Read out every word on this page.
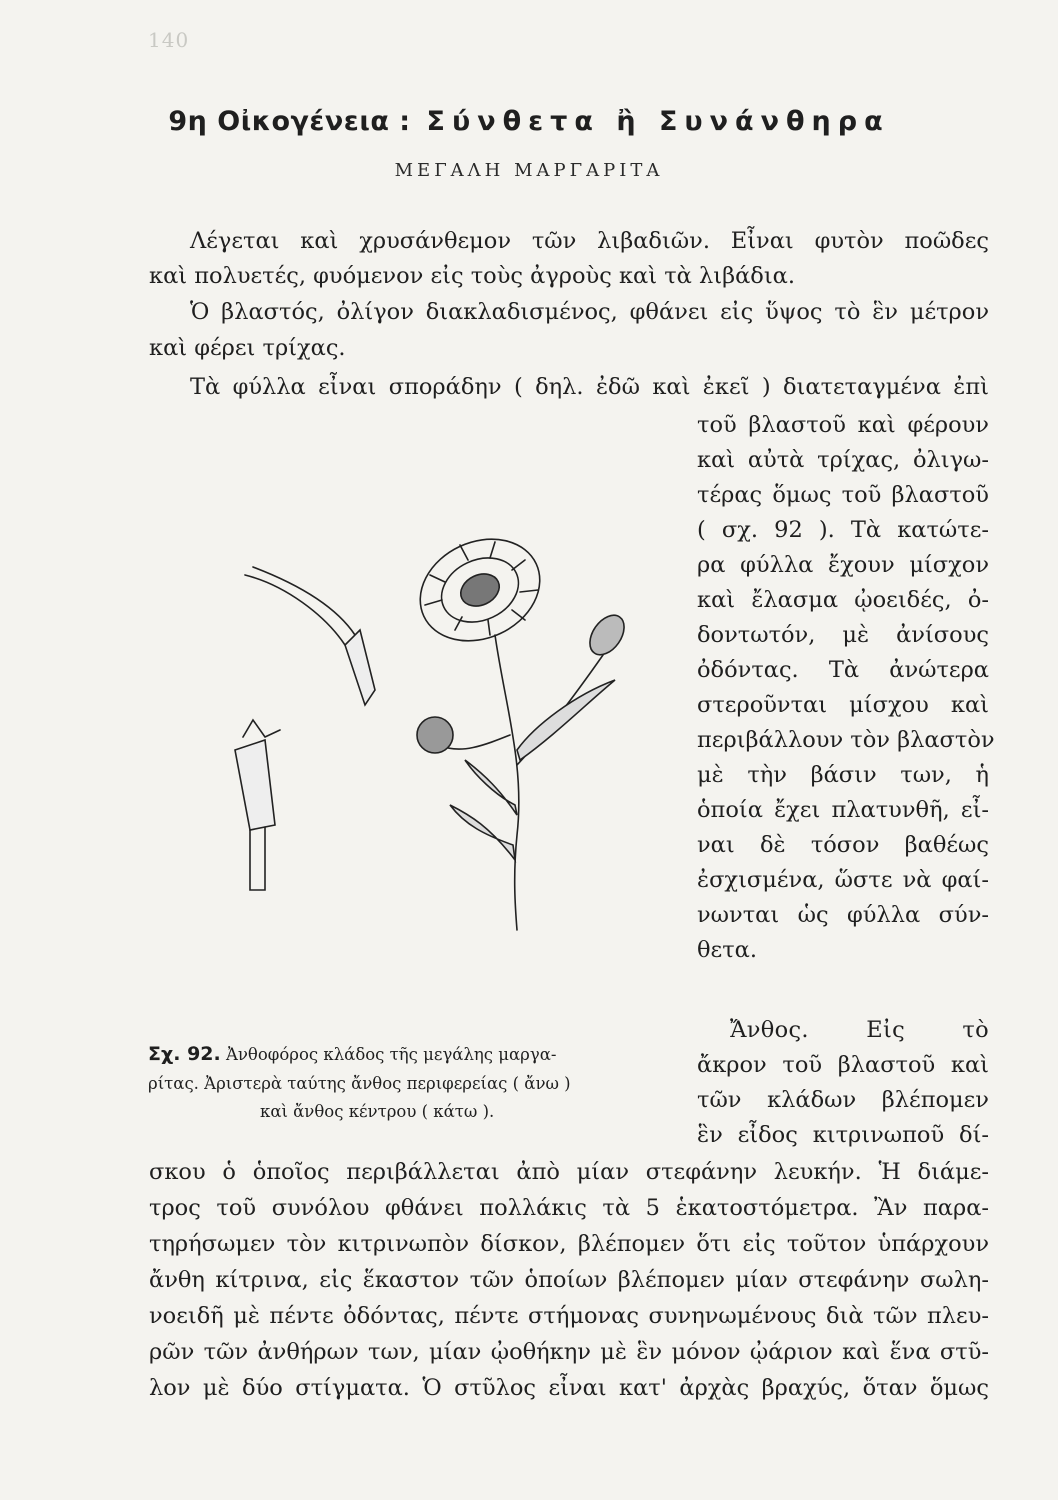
140
9η Οἰκογένεια : Σύνθετα ἢ Συνάνθηρα
ΜΕΓΑΛΗ ΜΑΡΓΑΡΙΤΑ
Λέγεται καὶ χρυσάνθεμον τῶν λιβαδιῶν. Εἶναι φυτὸν ποῶδες
καὶ πολυετές, φυόμενον εἰς τοὺς ἀγροὺς καὶ τὰ λιβάδια.
Ὁ βλαστός, ὀλίγον διακλαδισμένος, φθάνει εἰς ὕψος τὸ ἓν μέτρον
καὶ φέρει τρίχας.
Τὰ φύλλα εἶναι σποράδην ( δηλ. ἐδῶ καὶ ἐκεῖ ) διατεταγμένα ἐπὶ
τοῦ βλαστοῦ καὶ φέρουν
καὶ αὐτὰ τρίχας, ὀλιγω-
τέρας ὅμως τοῦ βλαστοῦ
( σχ. 92 ). Τὰ κατώτε-
ρα φύλλα ἔχουν μίσχον
καὶ ἔλασμα ᾠοειδές, ὀ-
δοντωτόν, μὲ ἀνίσους
ὀδόντας. Τὰ ἀνώτερα
στεροῦνται μίσχου καὶ
περιβάλλουν τὸν βλαστὸν
μὲ τὴν βάσιν των, ἡ
ὁποία ἔχει πλατυνθῆ, εἶ-
ναι δὲ τόσον βαθέως
ἐσχισμένα, ὥστε νὰ φαί-
νωνται ὡς φύλλα σύν-
θετα.
Ἄνθος. Εἰς τὸ
ἄκρον τοῦ βλαστοῦ καὶ
τῶν κλάδων βλέπομεν
ἓν εἶδος κιτρινωποῦ δί-
Σχ. 92. Ἀνθοφόρος κλάδος τῆς μεγάλης μαργα-
ρίτας. Ἀριστερὰ ταύτης ἄνθος περιφερείας ( ἄνω )
καὶ ἄνθος κέντρου ( κάτω ).
σκου ὁ ὁποῖος περιβάλλεται ἀπὸ μίαν στεφάνην λευκήν. Ἡ διάμε-
τρος τοῦ συνόλου φθάνει πολλάκις τὰ 5 ἑκατοστόμετρα. Ἂν παρα-
τηρήσωμεν τὸν κιτρινωπὸν δίσκον, βλέπομεν ὅτι εἰς τοῦτον ὑπάρχουν
ἄνθη κίτρινα, εἰς ἕκαστον τῶν ὁποίων βλέπομεν μίαν στεφάνην σωλη-
νοειδῆ μὲ πέντε ὀδόντας, πέντε στήμονας συνηνωμένους διὰ τῶν πλευ-
ρῶν τῶν ἀνθήρων των, μίαν ᾠοθήκην μὲ ἓν μόνον ᾠάριον καὶ ἕνα στῦ-
λον μὲ δύο στίγματα. Ὁ στῦλος εἶναι κατ' ἀρχὰς βραχύς, ὅταν ὅμως
